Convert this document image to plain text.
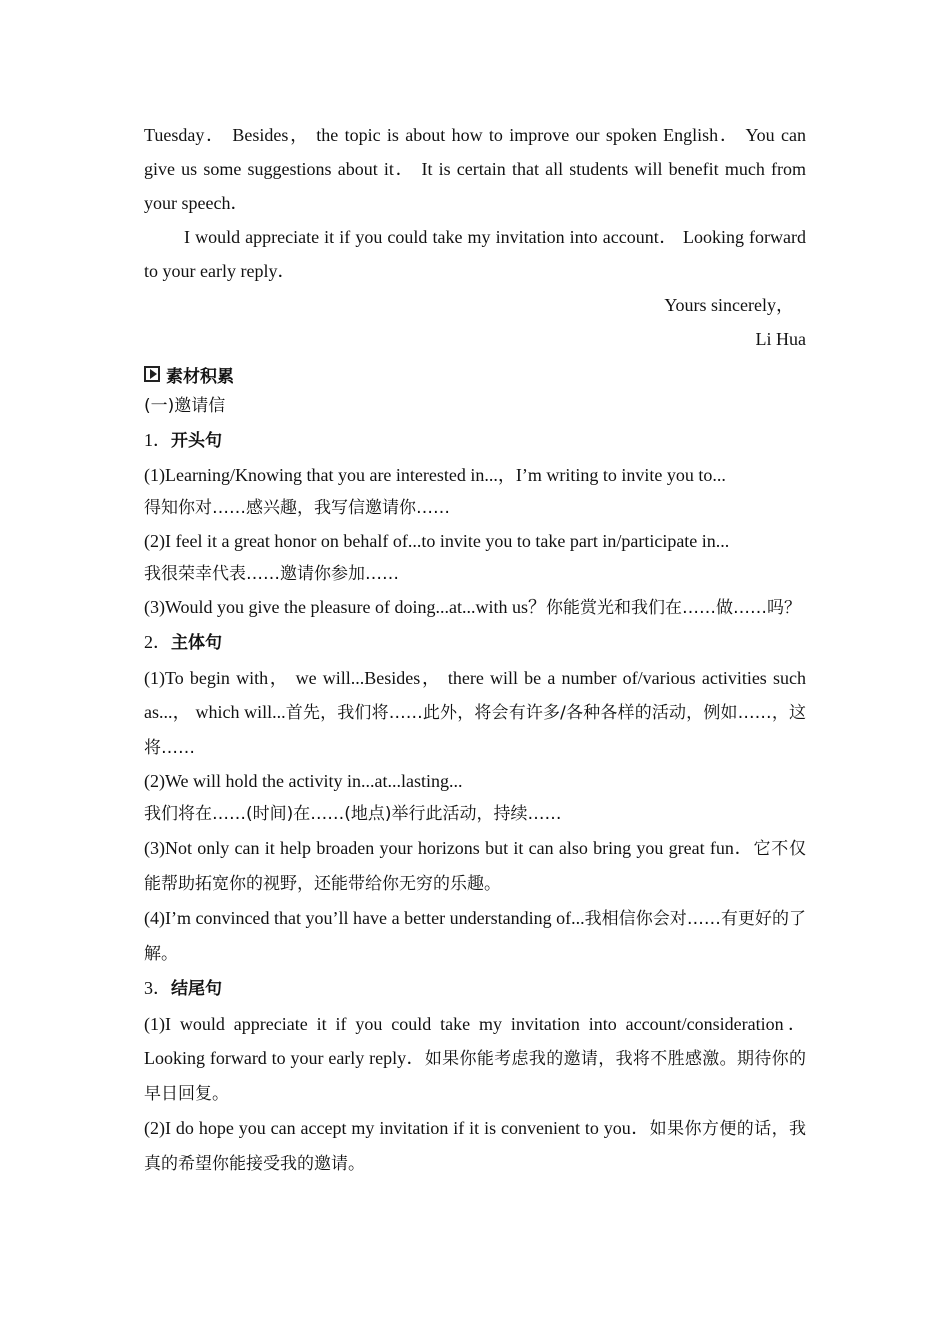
Tuesday． Besides， the topic is about how to improve our spoken English． You can give us some suggestions about it． It is certain that all students will benefit much from your speech．

I would appreciate it if you could take my invitation into account． Looking forward to your early reply．

Yours sincerely，

Li Hua

素材积累

(一)邀请信

1．开头句

(1)Learning/Knowing that you are interested in...，I’m writing to invite you to...

得知你对……感兴趣，我写信邀请你……

(2)I feel it a great honor on behalf of...to invite you to take part in/participate in...

我很荣幸代表……邀请你参加……

(3)Would you give the pleasure of doing...at...with us？你能赏光和我们在……做……吗？

2．主体句

(1)To begin with， we will...Besides， there will be a number of/various activities such as...， which will...首先，我们将……此外，将会有许多/各种各样的活动，例如……，这将……

(2)We will hold the activity in...at...lasting...

我们将在……(时间)在……(地点)举行此活动，持续……

(3)Not only can it help broaden your horizons but it can also bring you great fun．它不仅能帮助拓宽你的视野，还能带给你无穷的乐趣。

(4)I’m convinced that you’ll have a better understanding of...我相信你会对……有更好的了解。

3．结尾句

(1)I would appreciate it if you could take my invitation into account/consideration． Looking forward to your early reply．如果你能考虑我的邀请，我将不胜感激。期待你的早日回复。

(2)I do hope you can accept my invitation if it is convenient to you．如果你方便的话，我真的希望你能接受我的邀请。
